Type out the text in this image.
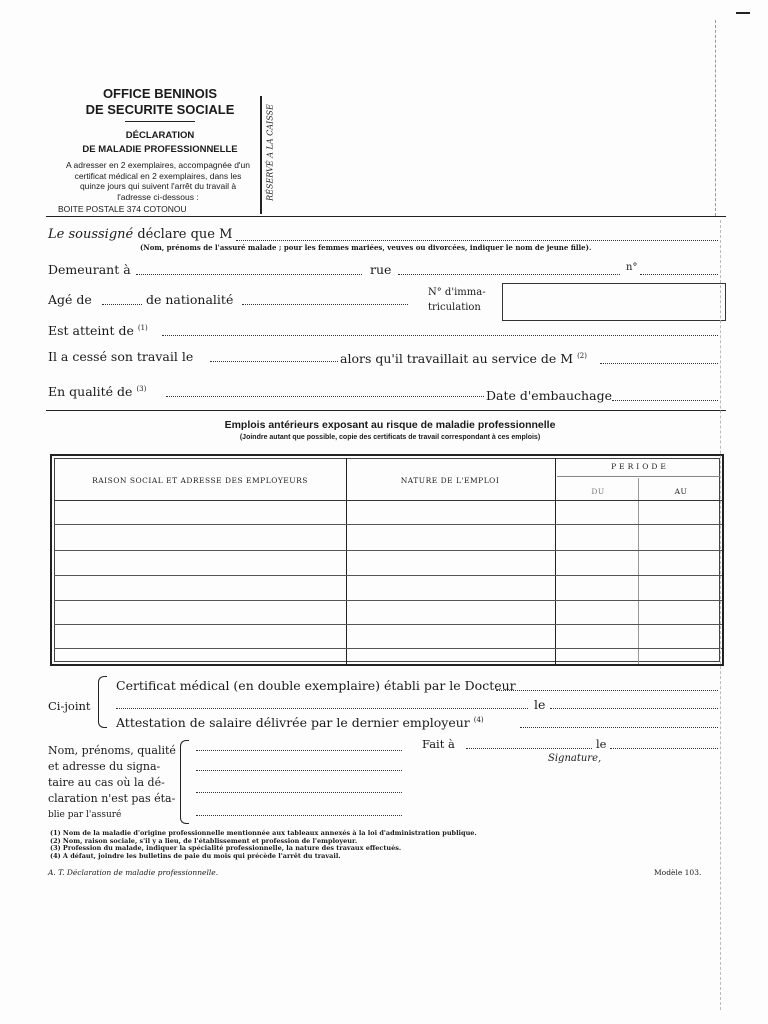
OFFICE BENINOIS
DE SECURITE SOCIALE
DÉCLARATION
DE MALADIE PROFESSIONNELLE
A adresser en 2 exemplaires, accompagnée d'un
certificat médical en 2 exemplaires, dans les
quinze jours qui suivent l'arrêt du travail à
l'adresse ci-dessous :
BOITE POSTALE 374 COTONOU
RÉSERVÉ A LA CAISSE
Le soussigné déclare que M
(Nom, prénoms de l'assuré malade ; pour les femmes mariées, veuves ou divorcées, indiquer le nom de jeune fille).
Demeurant à	rue	n°
Agé de	de nationalité	N° d'imma-
triculation
Est atteint de $^{(1)}$
Il a cessé son travail le	alors qu'il travaillait au service de M $^{(2)}$
En qualité de $^{(3)}$	Date d'embauchage
Emplois antérieurs exposant au risque de maladie professionnelle
(Joindre autant que possible, copie des certificats de travail correspondant à ces emplois)
RAISON SOCIAL ET ADRESSE DES EMPLOYEURS	NATURE DE L'EMPLOI
PERIODE
DU	AU
Ci-joint
Certificat médical (en double exemplaire) établi par le Docteur
le
Attestation de salaire délivrée par le dernier employeur $^{(4)}$
Nom, prénoms, qualité
et adresse du signa-
taire au cas où la dé-
claration n'est pas éta-
blie par l'assuré
Fait à	le
Signature,
(1) Nom de la maladie d'origine professionnelle mentionnée aux tableaux annexés à la loi d'administration publique.
(2) Nom, raison sociale, s'il y a lieu, de l'établissement et profession de l'employeur.
(3) Profession du malade, indiquer la spécialité professionnelle, la nature des travaux effectués.
(4) A défaut, joindre les bulletins de paie du mois qui précède l'arrêt du travail.
A. T. Déclaration de maladie professionnelle.	Modèle 103.
